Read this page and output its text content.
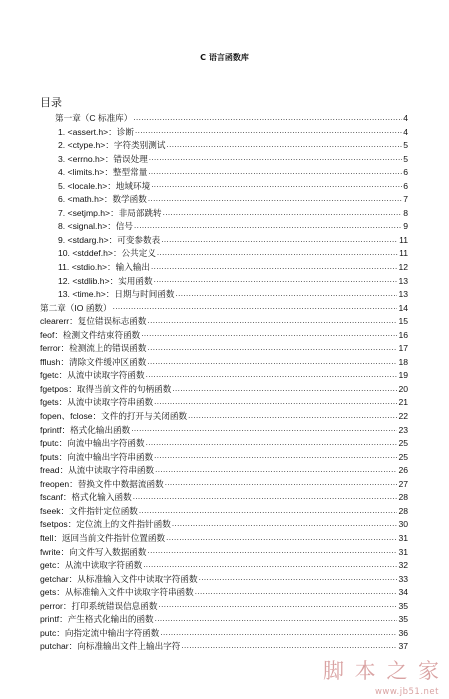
C 语言函数库
目录
第一章（C 标准库） .....	4
1. <assert.h>：诊断 .....	4
2. <ctype.h>：字符类别测试 .....	5
3. <errno.h>：错误处理 .....	5
4. <limits.h>：整型常量 .....	6
5. <locale.h>：地域环境 .....	6
6. <math.h>：数学函数 .....	7
7. <setjmp.h>：非局部跳转 .....	8
8. <signal.h>：信号 .....	9
9. <stdarg.h>：可变参数表 .....	11
10. <stddef.h>：公共定义 .....	11
11. <stdio.h>：输入输出 .....	12
12. <stdlib.h>：实用函数 .....	13
13. <time.h>：日期与时间函数 .....	13
第二章（IO 函数） .....	14
clearerr：复位错误标志函数 .....	15
feof：检测文件结束符函数 .....	16
ferror：检测流上的错误函数 .....	17
fflush：清除文件缓冲区函数 .....	18
fgetc：从流中读取字符函数 .....	19
fgetpos：取得当前文件的句柄函数 .....	20
fgets：从流中读取字符串函数 .....	21
fopen、fclose：文件的打开与关闭函数 .....	22
fprintf：格式化输出函数 .....	23
fputc：向流中输出字符函数 .....	25
fputs：向流中输出字符串函数 .....	25
fread：从流中读取字符串函数 .....	26
freopen：替换文件中数据流函数 .....	27
fscanf：格式化输入函数 .....	28
fseek：文件指针定位函数 .....	28
fsetpos：定位流上的文件指针函数 .....	30
ftell：返回当前文件指针位置函数 .....	31
fwrite：向文件写入数据函数 .....	31
getc：从流中读取字符函数 .....	32
getchar：从标准输入文件中读取字符函数 .....	33
gets：从标准输入文件中读取字符串函数 .....	34
perror：打印系统错误信息函数 .....	35
printf：产生格式化输出的函数 .....	35
putc：向指定流中输出字符函数 .....	36
putchar：向标准输出文件上输出字符 .....	37
脚 本 之 家
www.jb51.net
